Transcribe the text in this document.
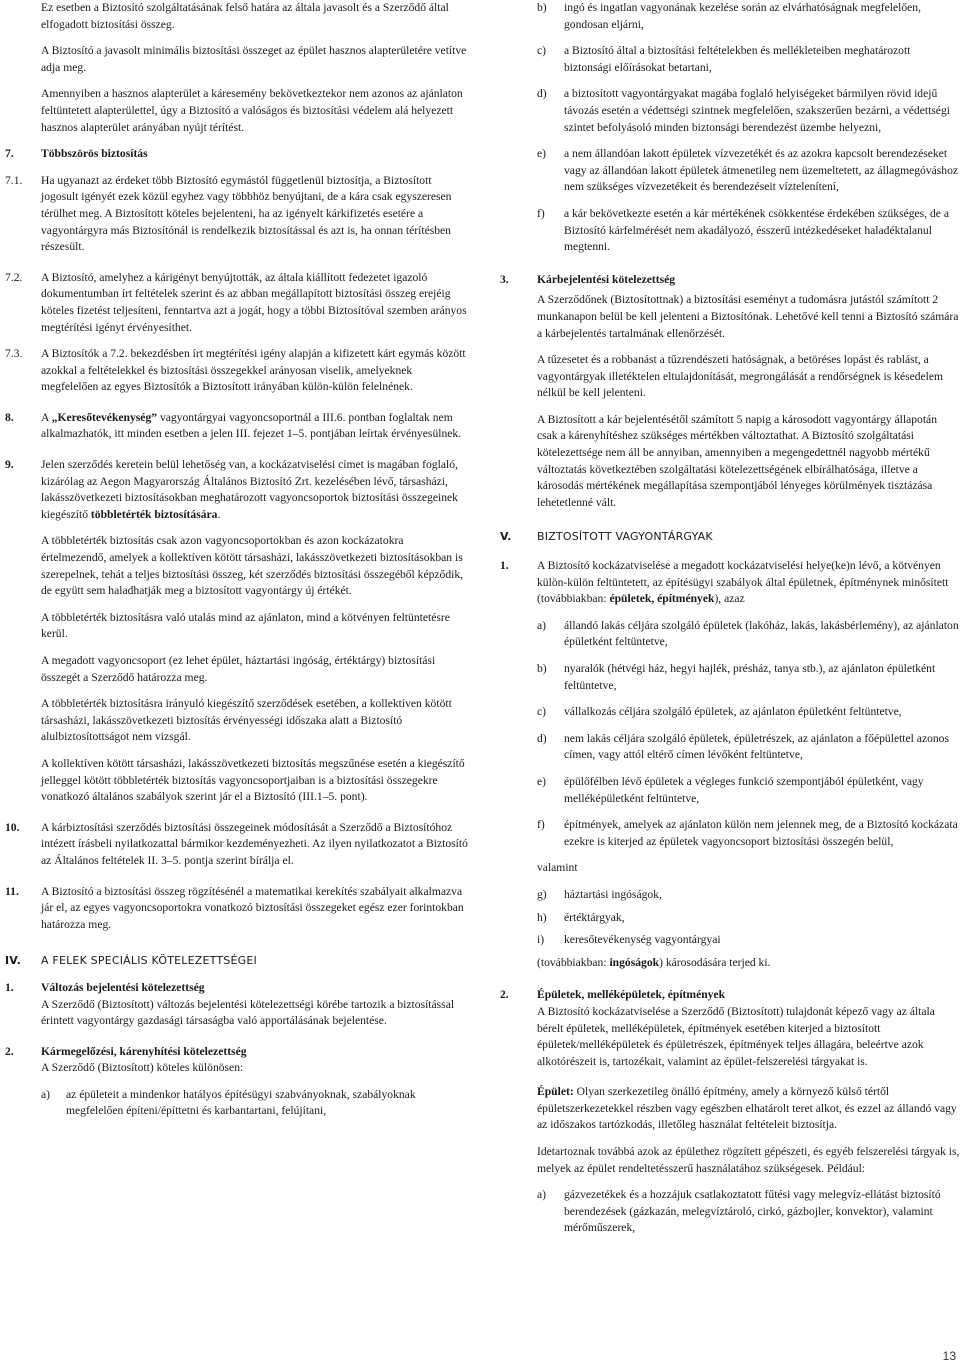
Ez esetben a Biztosító szolgáltatásának felső határa az általa javasolt és a Szerződő által elfogadott biztosítási összeg.

A Biztosító a javasolt minimális biztosítási összeget az épület hasznos alapterületére vetítve adja meg.

Amennyiben a hasznos alapterület a káresemény bekövetkeztekor nem azonos az ajánlaton feltüntetett alapterülettel, úgy a Biztosító a valóságos és biztosítási védelem alá helyezett hasznos alapterület arányában nyújt térítést.

7. Többszörös biztosítás
7.1. Ha ugyanazt az érdeket több Biztosító egymástól függetlenül biztosítja, a Biztosított jogosult igényét ezek közül egyhez vagy többhöz benyújtani, de a kára csak egyszeresen térülhet meg. A Biztosított köteles bejelenteni, ha az igényelt kárkifizetés esetére a vagyontárgyra más Biztosítónál is rendelkezik biztosítással és azt is, ha onnan térítésben részesült.

7.2. A Biztosító, amelyhez a kárigényt benyújtották, az általa kiállított fedezetet igazoló dokumentumban írt feltételek szerint és az abban megállapított biztosítási összeg erejéig köteles fizetést teljesíteni, fenntartva azt a jogát, hogy a többi Biztosítóval szemben arányos megtérítési igényt érvényesíthet.

7.3. A Biztosítók a 7.2. bekezdésben írt megtérítési igény alapján a kifizetett kárt egymás között azokkal a feltételekkel és biztosítási összegekkel arányosan viselik, amelyeknek megfelelően az egyes Biztosítók a Biztosított irányában külön-külön felelnének.

8. A „Keresőtevékenység” vagyontárgyai vagyoncsoportnál a III.6. pontban foglaltak nem alkalmazhatók, itt minden esetben a jelen III. fejezet 1–5. pontjában leírtak érvényesülnek.

9. Jelen szerződés keretein belül lehetőség van, a kockázatviselési címet is magában foglaló, kizárólag az Aegon Magyarország Általános Biztosító Zrt. kezelésében lévő, társasházi, lakásszövetkezeti biztosításokban meghatározott vagyoncsoportok biztosítási összegeinek kiegészítő többletérték biztosítására.

A többletérték biztosítás csak azon vagyoncsoportokban és azon kockázatokra értelmezendő, amelyek a kollektíven kötött társasházi, lakásszövetkezeti biztosításokban is szerepelnek, tehát a teljes biztosítási összeg, két szerződés biztosítási összegéből képződik, de együtt sem haladhatják meg a biztosított vagyontárgy új értékét.

A többletérték biztosításra való utalás mind az ajánlaton, mind a kötvényen feltüntetésre kerül.

A megadott vagyoncsoport (ez lehet épület, háztartási ingóság, értéktárgy) biztosítási összegét a Szerződő határozza meg.

A többletérték biztosításra irányuló kiegészítő szerződések esetében, a kollektíven kötött társasházi, lakásszövetkezeti biztosítás érvényességi időszaka alatt a Biztosító alulbiztosítottságot nem vizsgál.

A kollektíven kötött társasházi, lakásszövetkezeti biztosítás megszűnése esetén a kiegészítő jelleggel kötött többletérték biztosítás vagyoncsoportjaiban is a biztosítási összegekre vonatkozó általános szabályok szerint jár el a Biztosító (III.1–5. pont).

10. A kárbiztosítási szerződés biztosítási összegeinek módosítását a Szerződő a Biztosítóhoz intézett írásbeli nyilatkozattal bármikor kezdeményezheti. Az ilyen nyilatkozatot a Biztosító az Általános feltételek II. 3–5. pontja szerint bírálja el.

11. A Biztosító a biztosítási összeg rögzítésénél a matematikai kerekítés szabályait alkalmazva jár el, az egyes vagyoncsoportokra vonatkozó biztosítási összegeket egész ezer forintokban határozza meg.

IV. A FELEK SPECIÁLIS KÖTELEZETTSÉGEI
1. Változás bejelentési kötelezettség

A Szerződő (Biztosított) változás bejelentési kötelezettségi körébe tartozik a biztosítással érintett vagyontárgy gazdasági társaságba való apportálásának bejelentése.

2. Kármegelőzési, kárenyhítési kötelezettség

A Szerződő (Biztosított) köteles különösen:

a) az épületeit a mindenkor hatályos építésügyi szabványoknak, szabályoknak megfelelően építeni/építtetni és karbantartani, felújítani,

b) ingó és ingatlan vagyonának kezelése során az elvárhatóságnak megfelelően, gondosan eljárni,

c) a Biztosító által a biztosítási feltételekben és mellékleteiben meghatározott biztonsági előírásokat betartani,

d) a biztosított vagyontárgyakat magába foglaló helyiségeket bármilyen rövid idejű távozás esetén a védettségi szintnek megfelelően, szakszerűen bezárni, a védettségi szintet befolyásoló minden biztonsági berendezést üzembe helyezni,

e) a nem állandóan lakott épületek vízvezetékét és az azokra kapcsolt berendezéseket vagy az állandóan lakott épületek átmenetileg nem üzemeltetett, az állagmegóváshoz nem szükséges vízvezetékeit és berendezéseit víztelenítení,

f) a kár bekövetkezte esetén a kár mértékének csökkentése érdekében szükséges, de a Biztosító kárfelmérését nem akadályozó, ésszerű intézkedéseket haladéktalanul megtenni.

3. Kárbejelentési kötelezettség

A Szerződőnek (Biztosítottnak) a biztosítási eseményt a tudomásra jutástól számított 2 munkanapon belül be kell jelenteni a Biztosítónak. Lehetővé kell tenni a Biztosító számára a kárbejelentés tartalmának ellenőrzését.

A tűzesetet és a robbanást a tűzrendészeti hatóságnak, a betöréses lopást és rablást, a vagyontárgyak illetéktelen eltulajdonítását, megrongálását a rendőrségnek is késedelem nélkül be kell jelenteni.

A Biztosított a kár bejelentésétől számított 5 napig a károsodott vagyontárgy állapotán csak a kárenyhítéshez szükséges mértékben változtathat. A Biztosító szolgáltatási kötelezettsége nem áll be annyiban, amennyiben a megengedettnél nagyobb mértékű változtatás következtében szolgáltatási kötelezettségének elbírálhatósága, illetve a károsodás mértékének megállapítása szempontjából lényeges körülmények tisztázása lehetetlenné vált.

V. BIZTOSÍTOTT VAGYONTÁRGYAK
1. A Biztosító kockázatviselése a megadott kockázatviselési helye(ke)n lévő, a kötvényen külön-külön feltüntetett, az építésügyi szabályok által épületnek, építménynek minősített (továbbiakban: épületek, építmények), azaz

a) állandó lakás céljára szolgáló épületek (lakóház, lakás, lakásbérlemény), az ajánlaton épületként feltüntetve,

b) nyaralók (hétvégi ház, hegyi hajlék, présház, tanya stb.), az ajánlaton épületként feltüntetve,

c) vállalkozás céljára szolgáló épületek, az ajánlaton épületként feltüntetve,

d) nem lakás céljára szolgáló épületek, épületrészek, az ajánlaton a főépülettel azonos címen, vagy attól eltérő címen lévőként feltüntetve,

e) épülőfélben lévő épületek a végleges funkció szempontjából épületként, vagy melléképületként feltüntetve,

f) építmények, amelyek az ajánlaton külön nem jelennek meg, de a Biztosító kockázata ezekre is kiterjed az épületek vagyoncsoport biztosítási összegén belül,

valamint

g) háztartási ingóságok,

h) értéktárgyak,

i) keresőtevékenység vagyontárgyai

(továbbiakban: ingóságok) károsodására terjed ki.

2. Épületek, melléképületek, építmények

A Biztosító kockázatviselése a Szerződő (Biztosított) tulajdonát képező vagy az általa bérelt épületek, melléképületek, építmények esetében kiterjed a biztosított épületek/melléképületek és épületrészek, építmények teljes állagára, beleértve azok alkotórészeit is, tartozékait, valamint az épület-felszerelési tárgyakat is.

Épület: Olyan szerkezetileg önálló építmény, amely a környező külső tértől épületszerkezetekkel részben vagy egészben elhatárolt teret alkot, és ezzel az állandó vagy az időszakos tartózkodás, illetőleg használat feltételeit biztosítja.

Idetartoznak továbbá azok az épülethez rögzített gépészeti, és egyéb felszerelési tárgyak is, melyek az épület rendeltetésszerű használatához szükségesek. Például:

a) gázvezetékek és a hozzájuk csatlakoztatott fűtési vagy melegvíz-ellátást biztosító berendezések (gázkazán, melegvíztároló, cirkó, gázbojler, konvektor), valamint mérőműszerek,

13
